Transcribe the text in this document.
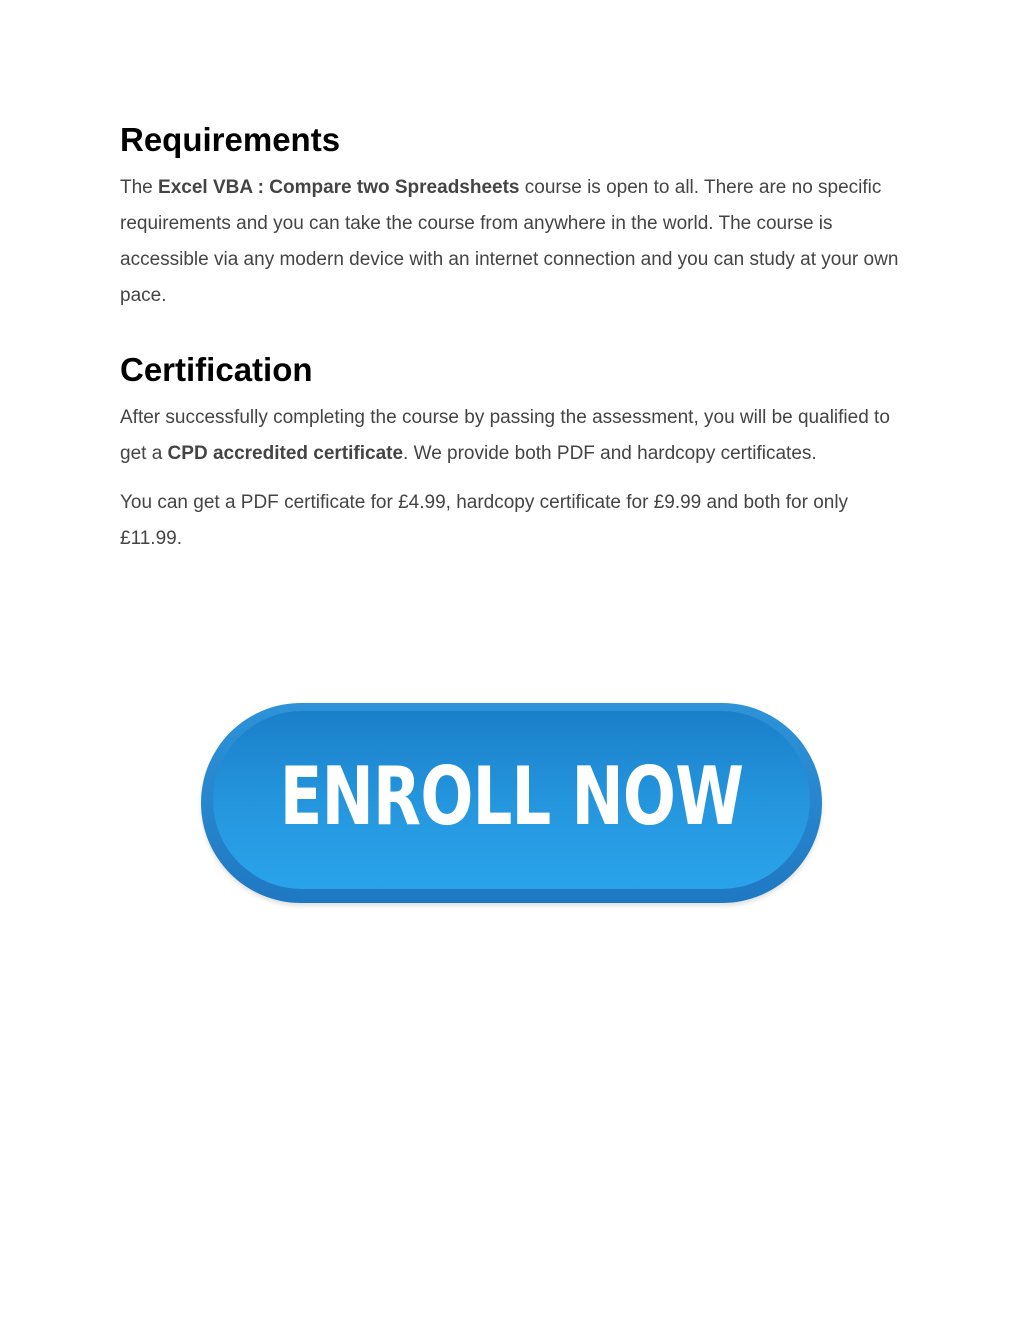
Requirements

The Excel VBA : Compare two Spreadsheets course is open to all. There are no specific requirements and you can take the course from anywhere in the world. The course is accessible via any modern device with an internet connection and you can study at your own pace.

Certification

After successfully completing the course by passing the assessment, you will be qualified to get a CPD accredited certificate. We provide both PDF and hardcopy certificates.

You can get a PDF certificate for £4.99, hardcopy certificate for £9.99 and both for only £11.99.

ENROLL NOW
